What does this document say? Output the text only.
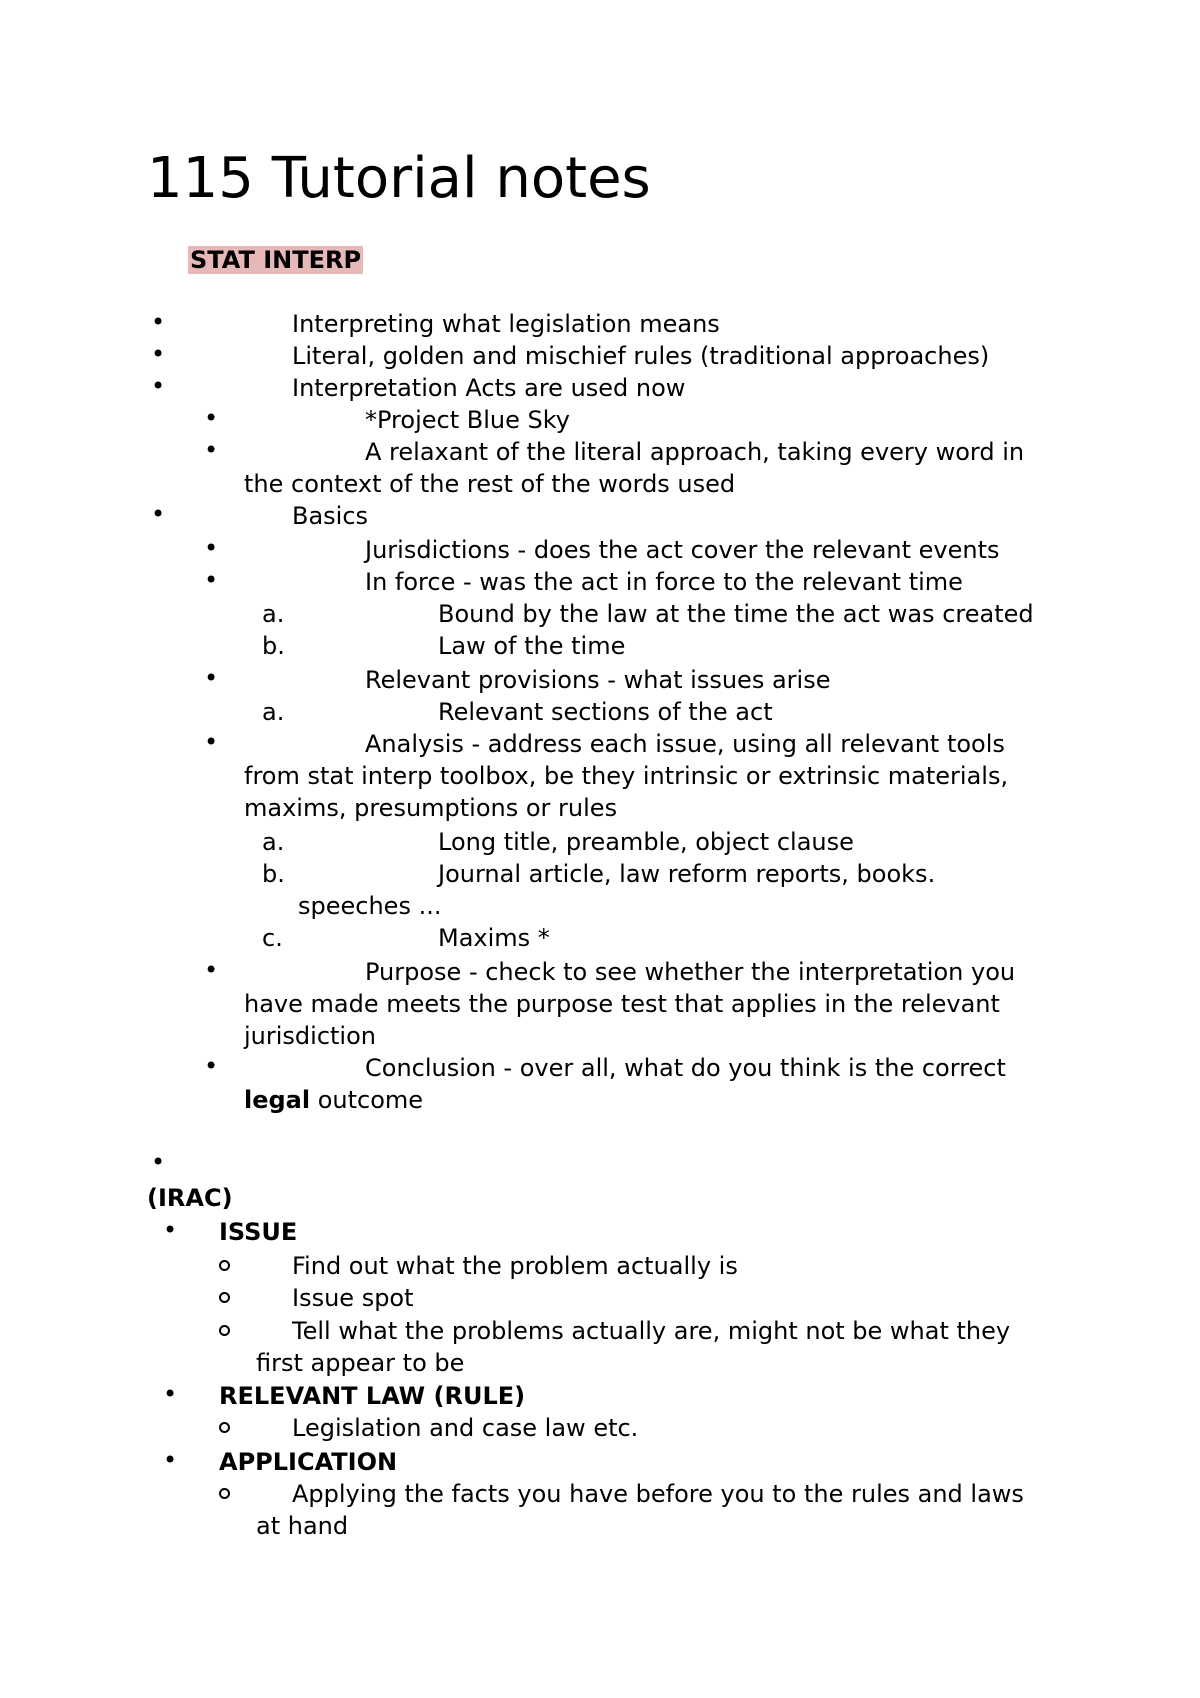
115 Tutorial notes
STAT INTERP
•	Interpreting what legislation means
•	Literal, golden and mischief rules (traditional approaches)
•	Interpretation Acts are used now
•	*Project Blue Sky
•	A relaxant of the literal approach, taking every word in
the context of the rest of the words used
•	Basics
•	Jurisdictions - does the act cover the relevant events
•	In force - was the act in force to the relevant time
a.	Bound by the law at the time the act was created
b.	Law of the time
•	Relevant provisions - what issues arise
a.	Relevant sections of the act
•	Analysis - address each issue, using all relevant tools
from stat interp toolbox, be they intrinsic or extrinsic materials,
maxims, presumptions or rules
a.	Long title, preamble, object clause
b.	Journal article, law reform reports, books.
speeches ...
c.	Maxims *
•	Purpose - check to see whether the interpretation you
have made meets the purpose test that applies in the relevant
jurisdiction
•	Conclusion - over all, what do you think is the correct
legal outcome
•
(IRAC)
• ISSUE
Find out what the problem actually is
Issue spot
Tell what the problems actually are, might not be what they
first appear to be
• RELEVANT LAW (RULE)
Legislation and case law etc.
• APPLICATION
Applying the facts you have before you to the rules and laws
at hand
